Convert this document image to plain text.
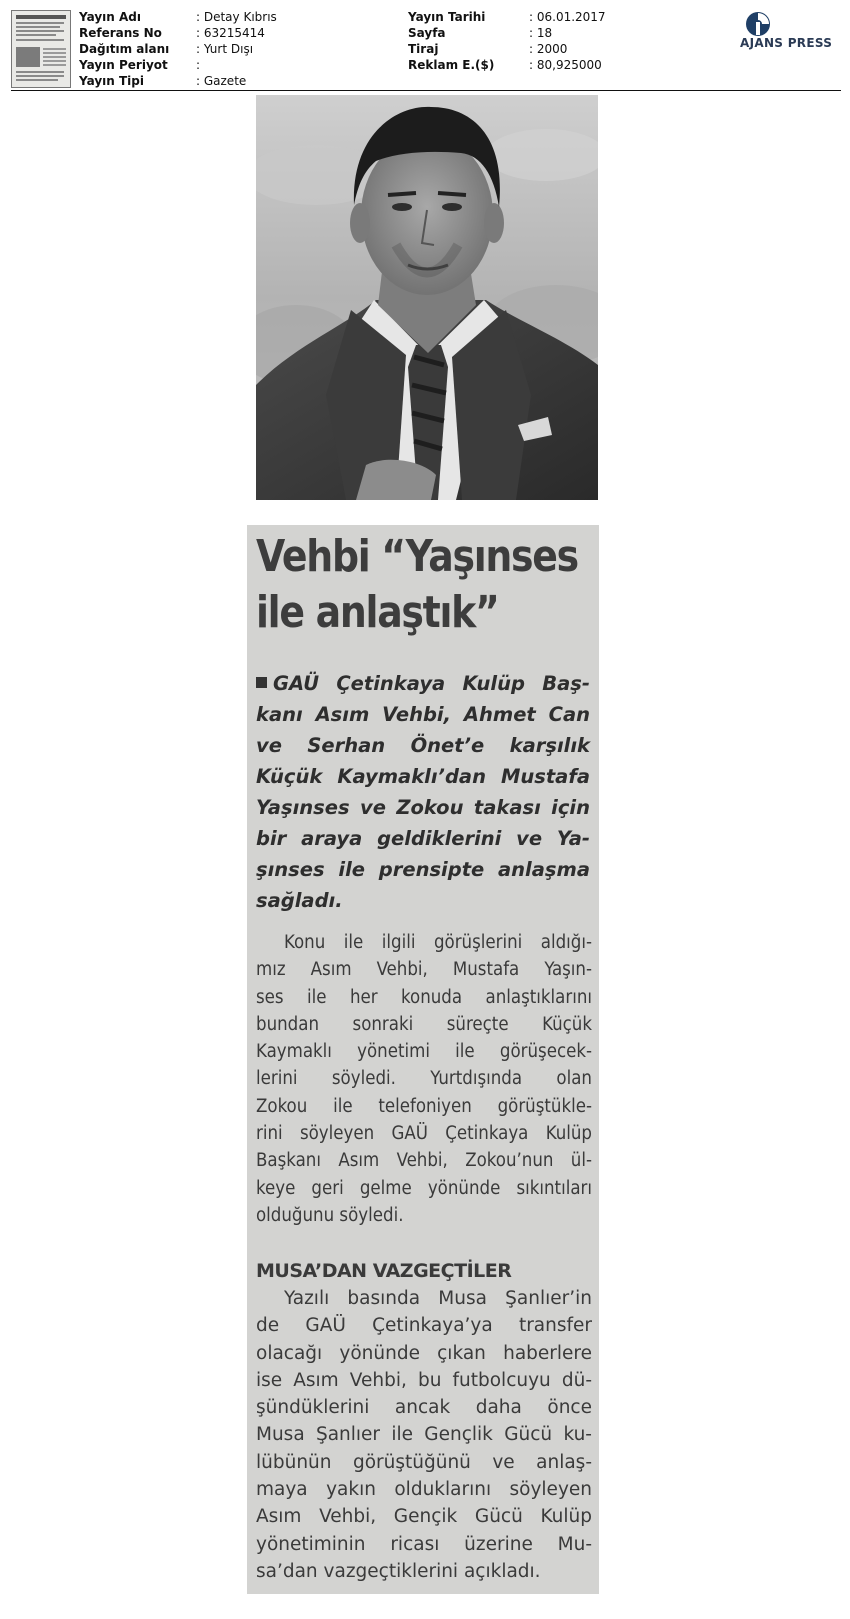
Yayın Adı	: Detay Kıbrıs
Referans No	: 63215414
Dağıtım alanı : Yurt Dışı
Yayın Periyot :
Yayın Tipi	: Gazete
Yayın Tarihi	: 06.01.2017
Sayfa	: 18
Tiraj	: 2000
Reklam E.($)	: 80,925000
AJANS PRESS
Vehbi “Yaşınses
ile anlaştık”
GAÜ Çetinkaya Kulüp Baş-
kanı Asım Vehbi, Ahmet Can
ve Serhan Önet’e karşılık
Küçük Kaymaklı’dan Mustafa
Yaşınses ve Zokou takası için
bir araya geldiklerini ve Ya-
şınses ile prensipte anlaşma
sağladı.
Konu ile ilgili görüşlerini aldığı-
mız Asım Vehbi, Mustafa Yaşın-
ses ile her konuda anlaştıklarını
bundan sonraki süreçte Küçük
Kaymaklı yönetimi ile görüşecek-
lerini söyledi. Yurtdışında olan
Zokou ile telefoniyen görüştükle-
rini söyleyen GAÜ Çetinkaya Kulüp
Başkanı Asım Vehbi, Zokou’nun ül-
keye geri gelme yönünde sıkıntıları
olduğunu söyledi.
MUSA’DAN VAZGEÇTİLER
Yazılı basında Musa Şanlıer’in
de GAÜ Çetinkaya’ya transfer
olacağı yönünde çıkan haberlere
ise Asım Vehbi, bu futbolcuyu dü-
şündüklerini ancak daha önce
Musa Şanlıer ile Gençlik Gücü ku-
lübünün görüştüğünü ve anlaş-
maya yakın olduklarını söyleyen
Asım Vehbi, Gençik Gücü Kulüp
yönetiminin ricası üzerine Mu-
sa’dan vazgeçtiklerini açıkladı.
